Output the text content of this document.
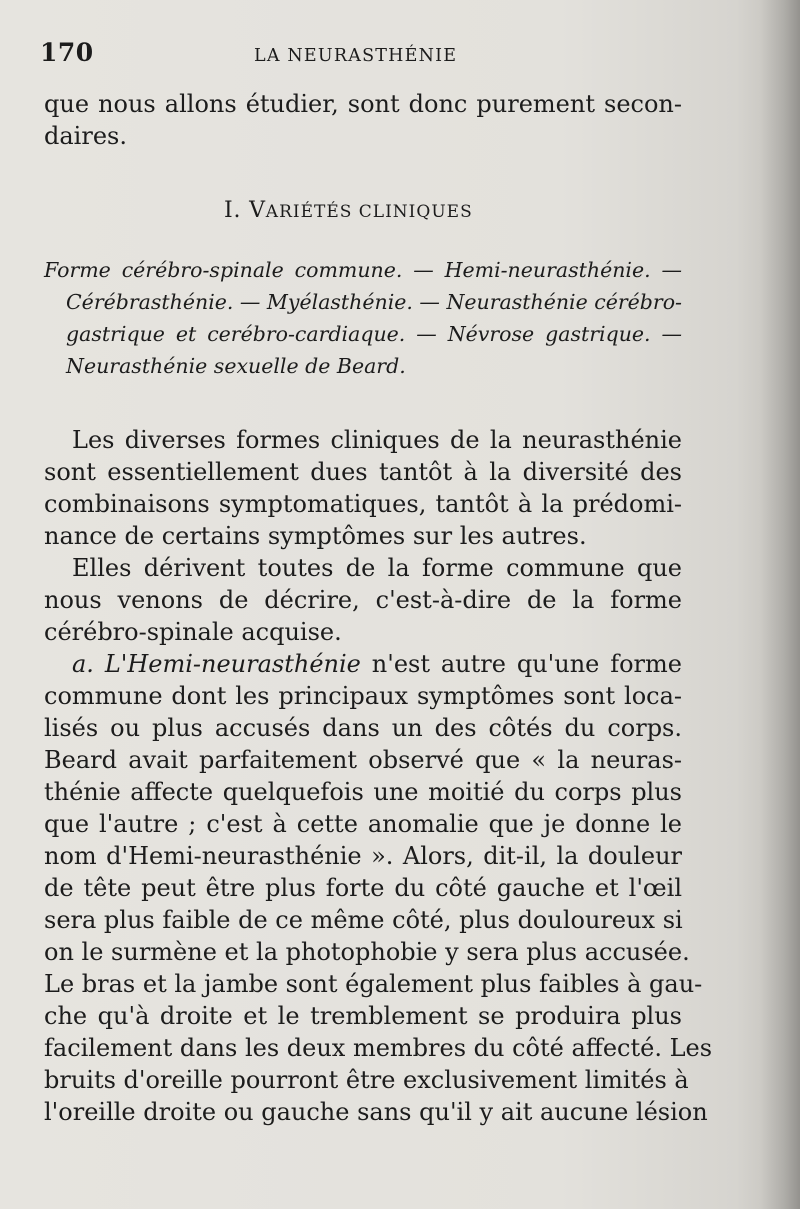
170	LA NEURASTHÉNIE
que nous allons étudier, sont donc purement secon-
daires.
I. VARIÉTÉS CLINIQUES
Forme cérébro-spinale commune. — Hemi-neurasthénie. —
Cérébrasthénie. — Myélasthénie. — Neurasthénie cérébro-
gastrique et cerébro-cardiaque. — Névrose gastrique. —
Neurasthénie sexuelle de Beard.
Les diverses formes cliniques de la neurasthénie
sont essentiellement dues tantôt à la diversité des
combinaisons symptomatiques, tantôt à la prédomi-
nance de certains symptômes sur les autres.
Elles dérivent toutes de la forme commune que
nous venons de décrire, c'est-à-dire de la forme
cérébro-spinale acquise.
a. L'Hemi-neurasthénie n'est autre qu'une forme
commune dont les principaux symptômes sont loca-
lisés ou plus accusés dans un des côtés du corps.
Beard avait parfaitement observé que « la neuras-
thénie affecte quelquefois une moitié du corps plus
que l'autre ; c'est à cette anomalie que je donne le
nom d'Hemi-neurasthénie ». Alors, dit-il, la douleur
de tête peut être plus forte du côté gauche et l'œil
sera plus faible de ce même côté, plus douloureux si
on le surmène et la photophobie y sera plus accusée.
Le bras et la jambe sont également plus faibles à gau-
che qu'à droite et le tremblement se produira plus
facilement dans les deux membres du côté affecté. Les
bruits d'oreille pourront être exclusivement limités à
l'oreille droite ou gauche sans qu'il y ait aucune lésion
